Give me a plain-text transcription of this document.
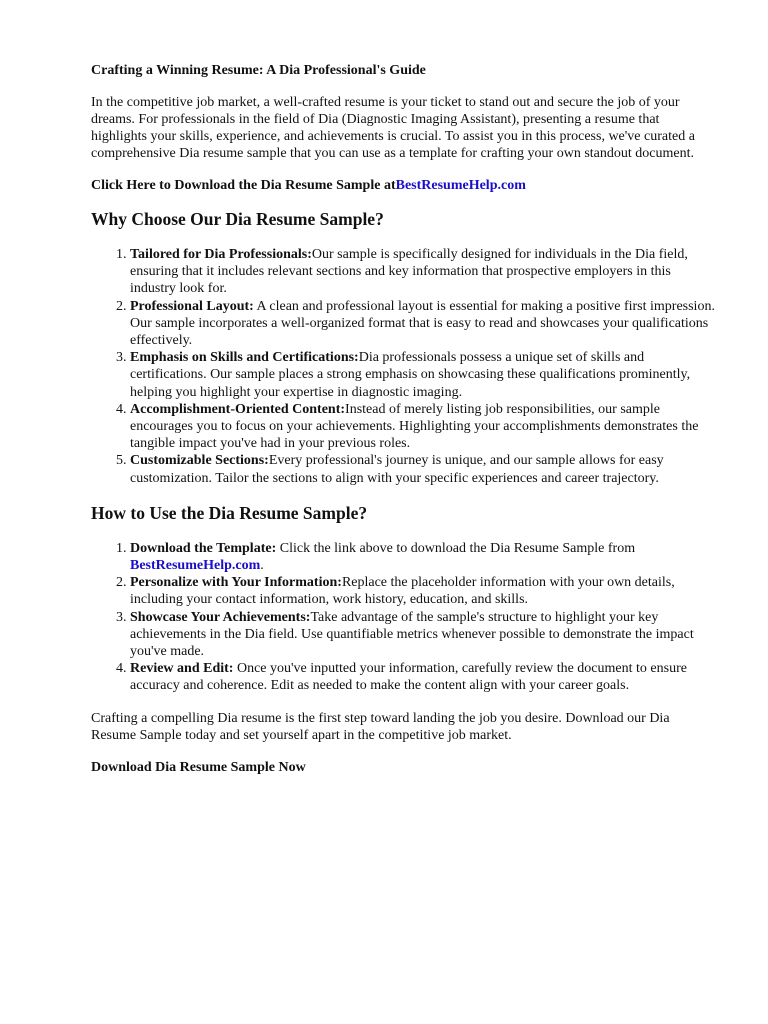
Crafting a Winning Resume: A Dia Professional's Guide

In the competitive job market, a well-crafted resume is your ticket to stand out and secure the job of your dreams. For professionals in the field of Dia (Diagnostic Imaging Assistant), presenting a resume that highlights your skills, experience, and achievements is crucial. To assist you in this process, we've curated a comprehensive Dia resume sample that you can use as a template for crafting your own standout document.

Click Here to Download the Dia Resume Sample atBestResumeHelp.com

Why Choose Our Dia Resume Sample?
1. Tailored for Dia Professionals:Our sample is specifically designed for individuals in the Dia field, ensuring that it includes relevant sections and key information that prospective employers in this industry look for.
2. Professional Layout: A clean and professional layout is essential for making a positive first impression. Our sample incorporates a well-organized format that is easy to read and showcases your qualifications effectively.
3. Emphasis on Skills and Certifications:Dia professionals possess a unique set of skills and certifications. Our sample places a strong emphasis on showcasing these qualifications prominently, helping you highlight your expertise in diagnostic imaging.
4. Accomplishment-Oriented Content:Instead of merely listing job responsibilities, our sample encourages you to focus on your achievements. Highlighting your accomplishments demonstrates the tangible impact you've had in your previous roles.
5. Customizable Sections:Every professional's journey is unique, and our sample allows for easy customization. Tailor the sections to align with your specific experiences and career trajectory.
How to Use the Dia Resume Sample?
1. Download the Template: Click the link above to download the Dia Resume Sample from BestResumeHelp.com.
2. Personalize with Your Information:Replace the placeholder information with your own details, including your contact information, work history, education, and skills.
3. Showcase Your Achievements:Take advantage of the sample's structure to highlight your key achievements in the Dia field. Use quantifiable metrics whenever possible to demonstrate the impact you've made.
4. Review and Edit: Once you've inputted your information, carefully review the document to ensure accuracy and coherence. Edit as needed to make the content align with your career goals.

Crafting a compelling Dia resume is the first step toward landing the job you desire. Download our Dia Resume Sample today and set yourself apart in the competitive job market.

Download Dia Resume Sample Now
